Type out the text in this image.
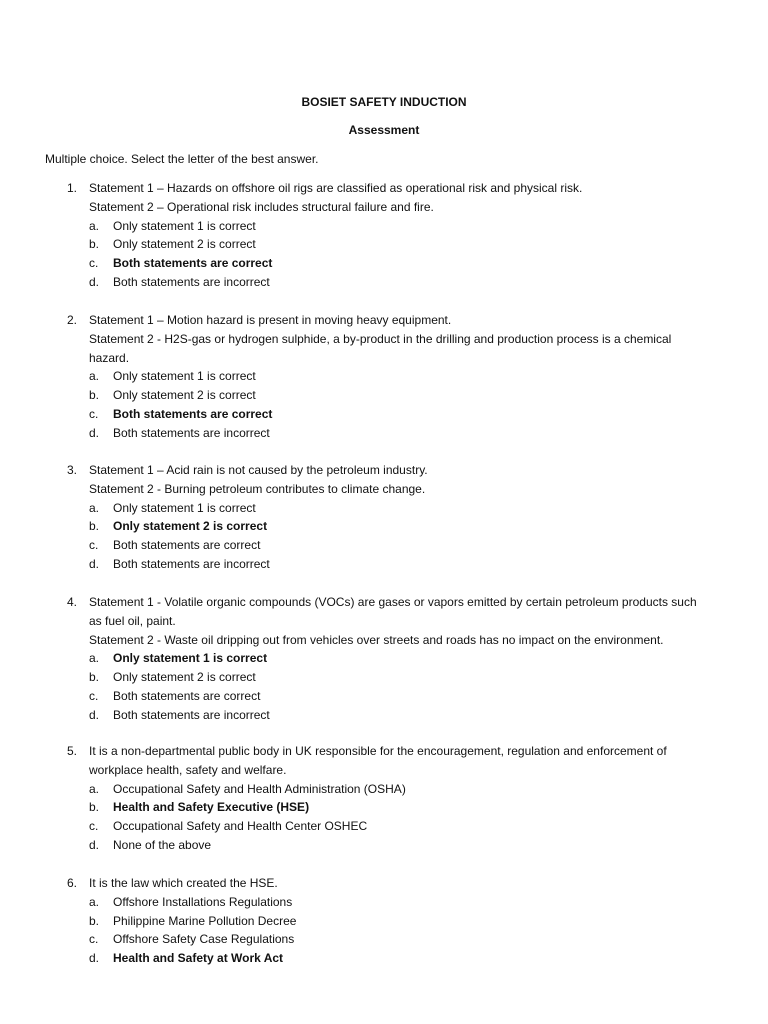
BOSIET SAFETY INDUCTION
Assessment
Multiple choice. Select the letter of the best answer.
1. Statement 1 – Hazards on offshore oil rigs are classified as operational risk and physical risk.
Statement 2 – Operational risk includes structural failure and fire.
a. Only statement 1 is correct
b. Only statement 2 is correct
c. Both statements are correct
d. Both statements are incorrect
2. Statement 1 – Motion hazard is present in moving heavy equipment.
Statement 2 - H2S-gas or hydrogen sulphide, a by-product in the drilling and production process is a chemical hazard.
a. Only statement 1 is correct
b. Only statement 2 is correct
c. Both statements are correct
d. Both statements are incorrect
3. Statement 1 – Acid rain is not caused by the petroleum industry.
Statement 2 - Burning petroleum contributes to climate change.
a. Only statement 1 is correct
b. Only statement 2 is correct
c. Both statements are correct
d. Both statements are incorrect
4. Statement 1 - Volatile organic compounds (VOCs) are gases or vapors emitted by certain petroleum products such as fuel oil, paint.
Statement 2 - Waste oil dripping out from vehicles over streets and roads has no impact on the environment.
a. Only statement 1 is correct
b. Only statement 2 is correct
c. Both statements are correct
d. Both statements are incorrect
5. It is a non-departmental public body in UK responsible for the encouragement, regulation and enforcement of workplace health, safety and welfare.
a. Occupational Safety and Health Administration (OSHA)
b. Health and Safety Executive (HSE)
c. Occupational Safety and Health Center OSHEC
d. None of the above
6. It is the law which created the HSE.
a. Offshore Installations Regulations
b. Philippine Marine Pollution Decree
c. Offshore Safety Case Regulations
d. Health and Safety at Work Act
